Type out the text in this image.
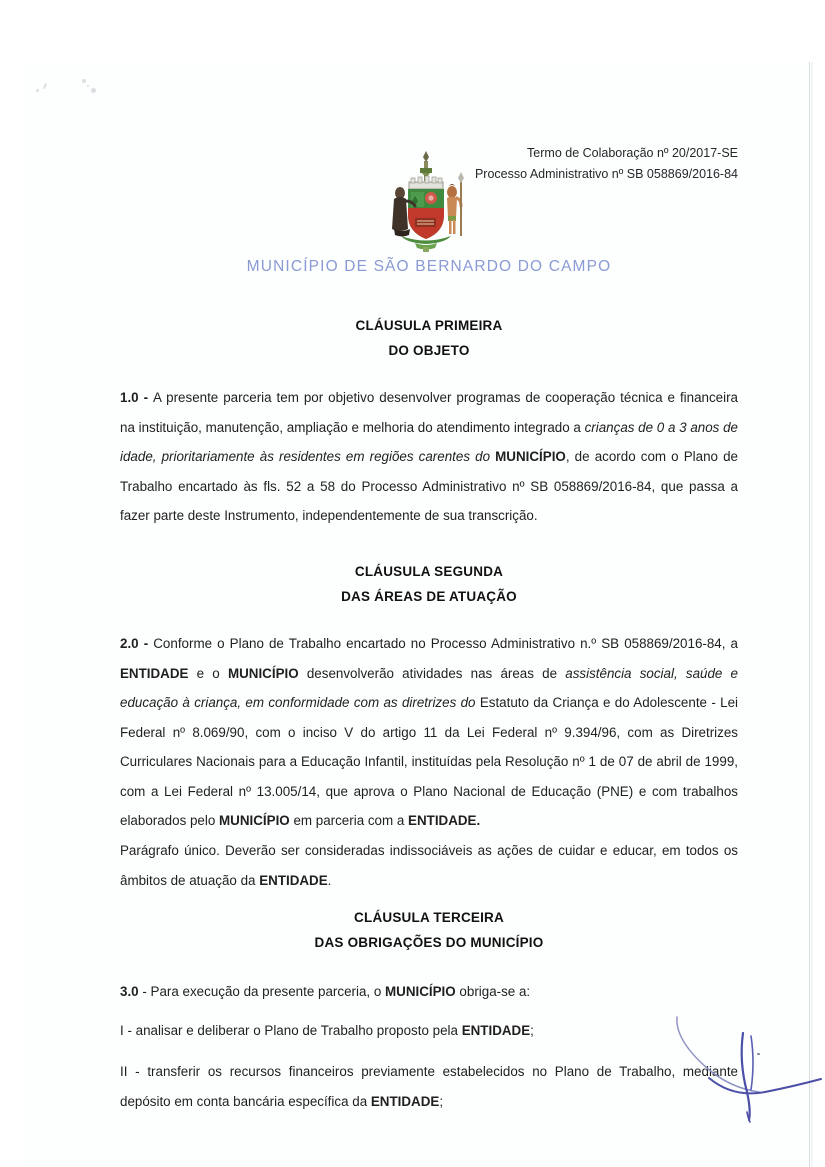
Termo de Colaboração nº 20/2017-SE
Processo Administrativo nº SB 058869/2016-84
MUNICÍPIO DE SÃO BERNARDO DO CAMPO
CLÁUSULA PRIMEIRA
DO OBJETO

1.0 - A presente parceria tem por objetivo desenvolver programas de cooperação técnica e financeira na instituição, manutenção, ampliação e melhoria do atendimento integrado a crianças de 0 a 3 anos de idade, prioritariamente às residentes em regiões carentes do MUNICÍPIO, de acordo com o Plano de Trabalho encartado às fls. 52 a 58 do Processo Administrativo nº SB 058869/2016-84, que passa a fazer parte deste Instrumento, independentemente de sua transcrição.

CLÁUSULA SEGUNDA
DAS ÁREAS DE ATUAÇÃO

2.0 - Conforme o Plano de Trabalho encartado no Processo Administrativo n.º SB 058869/2016-84, a ENTIDADE e o MUNICÍPIO desenvolverão atividades nas áreas de assistência social, saúde e educação à criança, em conformidade com as diretrizes do Estatuto da Criança e do Adolescente - Lei Federal nº 8.069/90, com o inciso V do artigo 11 da Lei Federal nº 9.394/96, com as Diretrizes Curriculares Nacionais para a Educação Infantil, instituídas pela Resolução nº 1 de 07 de abril de 1999, com a Lei Federal nº 13.005/14, que aprova o Plano Nacional de Educação (PNE) e com trabalhos elaborados pelo MUNICÍPIO em parceria com a ENTIDADE.

Parágrafo único. Deverão ser consideradas indissociáveis as ações de cuidar e educar, em todos os âmbitos de atuação da ENTIDADE.

CLÁUSULA TERCEIRA
DAS OBRIGAÇÕES DO MUNICÍPIO

3.0 - Para execução da presente parceria, o MUNICÍPIO obriga-se a:

I - analisar e deliberar o Plano de Trabalho proposto pela ENTIDADE;

II - transferir os recursos financeiros previamente estabelecidos no Plano de Trabalho, mediante depósito em conta bancária específica da ENTIDADE;
